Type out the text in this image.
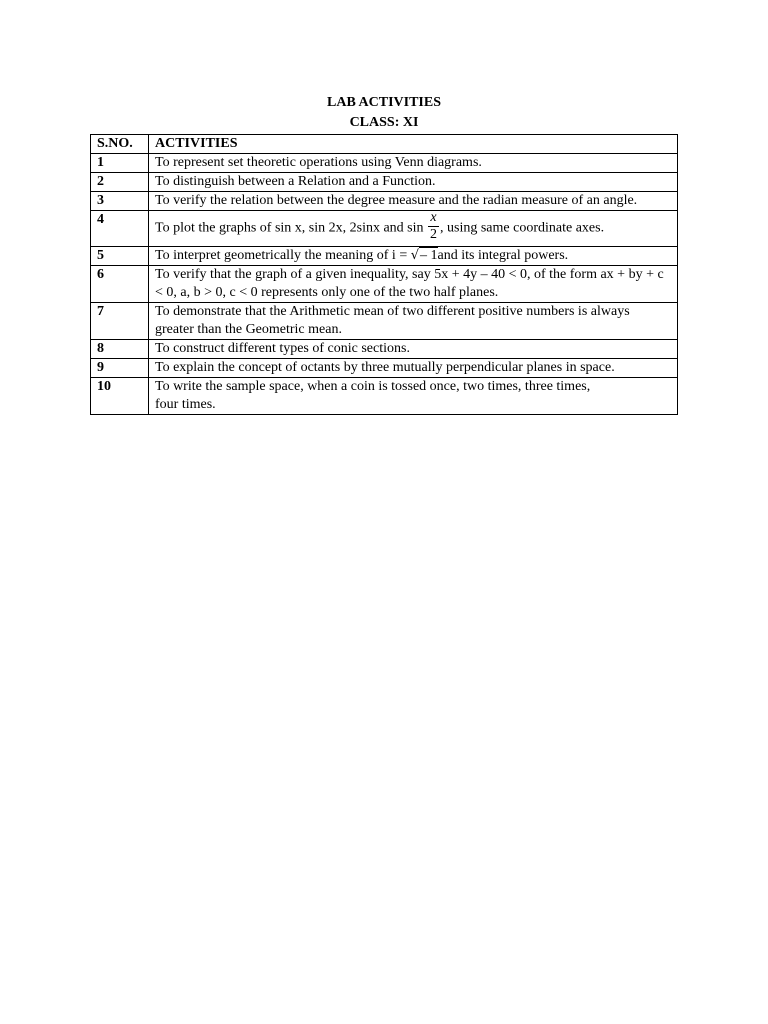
LAB ACTIVITIES
CLASS: XI
S.NO.	ACTIVITIES
1	To represent set theoretic operations using Venn diagrams.
2	To distinguish between a Relation and a Function.
3	To verify the relation between the degree measure and the radian measure of an angle.
4	To plot the graphs of sin x, sin 2x, 2sinx and $\sin \frac{x}{2}$ , using same coordinate axes.
5	To interpret geometrically the meaning of i = √– 1and its integral powers.
6	To verify that the graph of a given inequality, say 5x + 4y – 40 < 0, of the form ax + by + c < 0, a, b > 0, c < 0 represents only one of the two half planes.
7	To demonstrate that the Arithmetic mean of two different positive numbers is always greater than the Geometric mean.
8	To construct different types of conic sections.
9	To explain the concept of octants by three mutually perpendicular planes in space.
10	To write the sample space, when a coin is tossed once, two times, three times,
four times.
